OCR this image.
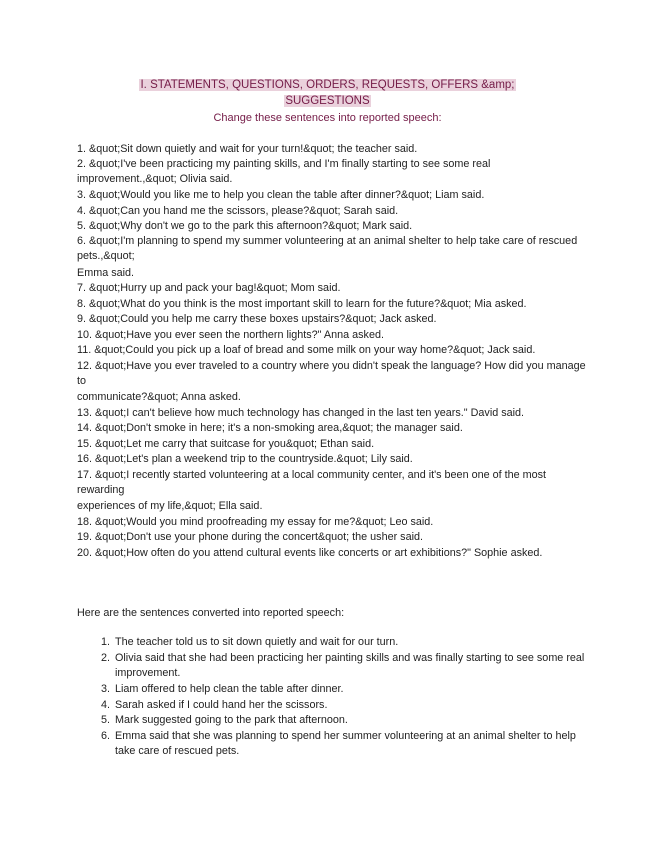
I. STATEMENTS, QUESTIONS, ORDERS, REQUESTS, OFFERS &amp;
SUGGESTIONS
Change these sentences into reported speech:

1. &quot;Sit down quietly and wait for your turn!&quot; the teacher said.

2. &quot;I've been practicing my painting skills, and I'm finally starting to see some real improvement.,&quot; Olivia said.

3. &quot;Would you like me to help you clean the table after dinner?&quot; Liam said.

4. &quot;Can you hand me the scissors, please?&quot; Sarah said.

5. &quot;Why don't we go to the park this afternoon?&quot; Mark said.

6. &quot;I'm planning to spend my summer volunteering at an animal shelter to help take care of rescued pets.,&quot;

Emma said.

7. &quot;Hurry up and pack your bag!&quot; Mom said.

8. &quot;What do you think is the most important skill to learn for the future?&quot; Mia asked.

9. &quot;Could you help me carry these boxes upstairs?&quot; Jack asked.

10. &quot;Have you ever seen the northern lights?" Anna asked.

11. &quot;Could you pick up a loaf of bread and some milk on your way home?&quot; Jack said.

12. &quot;Have you ever traveled to a country where you didn't speak the language? How did you manage to

communicate?&quot; Anna asked.

13. &quot;I can't believe how much technology has changed in the last ten years." David said.

14. &quot;Don't smoke in here; it's a non-smoking area,&quot; the manager said.

15. &quot;Let me carry that suitcase for you&quot; Ethan said.

16. &quot;Let's plan a weekend trip to the countryside.&quot; Lily said.

17. &quot;I recently started volunteering at a local community center, and it's been one of the most rewarding

experiences of my life,&quot; Ella said.

18. &quot;Would you mind proofreading my essay for me?&quot; Leo said.

19. &quot;Don't use your phone during the concert&quot; the usher said.

20. &quot;How often do you attend cultural events like concerts or art exhibitions?" Sophie asked.

Here are the sentences converted into reported speech:
1. The teacher told us to sit down quietly and wait for our turn.
2. Olivia said that she had been practicing her painting skills and was finally starting to see some real improvement.
3. Liam offered to help clean the table after dinner.
4. Sarah asked if I could hand her the scissors.
5. Mark suggested going to the park that afternoon.
6. Emma said that she was planning to spend her summer volunteering at an animal shelter to help take care of rescued pets.
